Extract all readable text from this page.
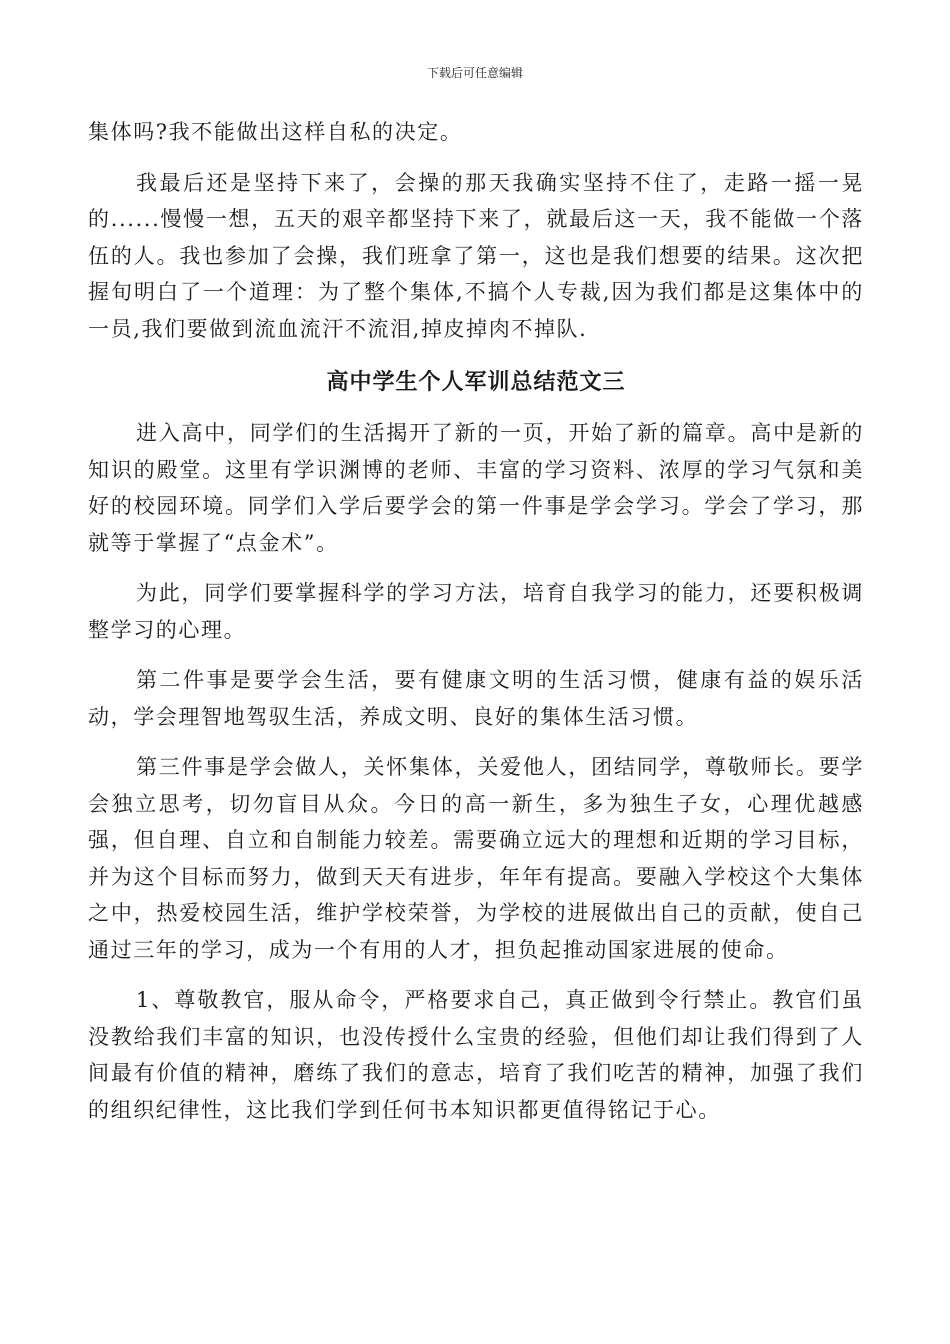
下载后可任意编辑

集体吗?我不能做出这样自私的决定。

我最后还是坚持下来了，会操的那天我确实坚持不住了，走路一摇一晃的......慢慢一想，五天的艰辛都坚持下来了，就最后这一天，我不能做一个落伍的人。我也参加了会操，我们班拿了第一，这也是我们想要的结果。这次把握旬明白了一个道理：为了整个集体,不搞个人专裁,因为我们都是这集体中的一员,我们要做到流血流汗不流泪,掉皮掉肉不掉队.

高中学生个人军训总结范文三

进入高中，同学们的生活揭开了新的一页，开始了新的篇章。高中是新的知识的殿堂。这里有学识渊博的老师、丰富的学习资料、浓厚的学习气氛和美好的校园环境。同学们入学后要学会的第一件事是学会学习。学会了学习，那就等于掌握了“点金术”。

为此，同学们要掌握科学的学习方法，培育自我学习的能力，还要积极调整学习的心理。

第二件事是要学会生活，要有健康文明的生活习惯，健康有益的娱乐活动，学会理智地驾驭生活，养成文明、良好的集体生活习惯。

第三件事是学会做人，关怀集体，关爱他人，团结同学，尊敬师长。要学会独立思考，切勿盲目从众。今日的高一新生，多为独生子女，心理优越感强，但自理、自立和自制能力较差。需要确立远大的理想和近期的学习目标，并为这个目标而努力，做到天天有进步，年年有提高。要融入学校这个大集体之中，热爱校园生活，维护学校荣誉，为学校的进展做出自己的贡献，使自己通过三年的学习，成为一个有用的人才，担负起推动国家进展的使命。

1、尊敬教官，服从命令，严格要求自己，真正做到令行禁止。教官们虽没教给我们丰富的知识，也没传授什么宝贵的经验，但他们却让我们得到了人间最有价值的精神，磨练了我们的意志，培育了我们吃苦的精神，加强了我们的组织纪律性，这比我们学到任何书本知识都更值得铭记于心。
